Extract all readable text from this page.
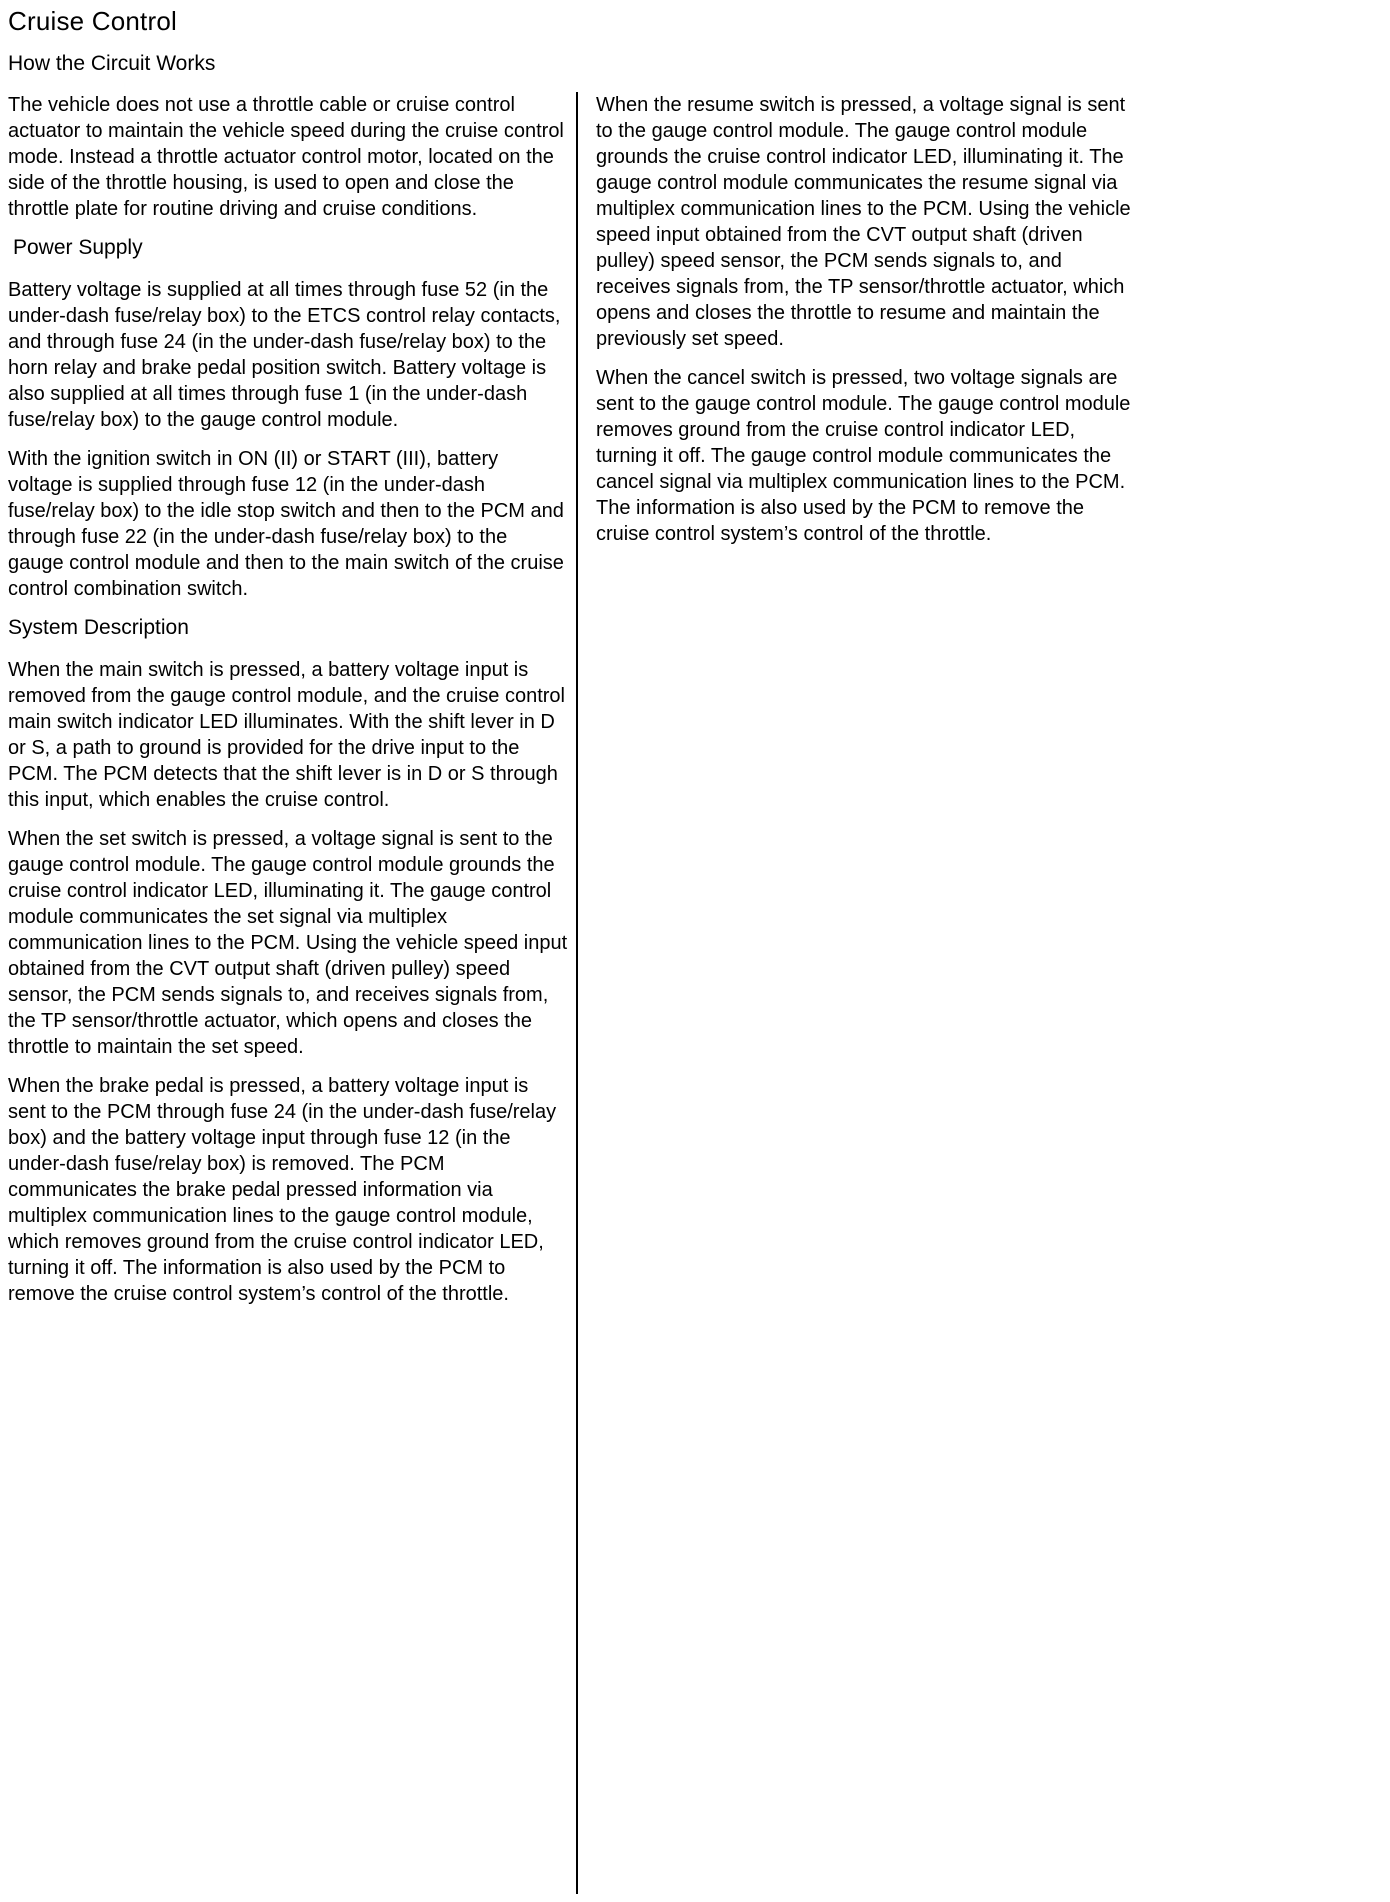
Cruise Control
How the Circuit Works

The vehicle does not use a throttle cable or cruise control actuator to maintain the vehicle speed during the cruise control mode. Instead a throttle actuator control motor, located on the side of the throttle housing, is used to open and close the throttle plate for routine driving and cruise conditions.

Power Supply

Battery voltage is supplied at all times through fuse 52 (in the under-dash fuse/relay box) to the ETCS control relay contacts, and through fuse 24 (in the under-dash fuse/relay box) to the horn relay and brake pedal position switch. Battery voltage is also supplied at all times through fuse 1 (in the under-dash fuse/relay box) to the gauge control module.

With the ignition switch in ON (II) or START (III), battery voltage is supplied through fuse 12 (in the under-dash fuse/relay box) to the idle stop switch and then to the PCM and through fuse 22 (in the under-dash fuse/relay box) to the gauge control module and then to the main switch of the cruise control combination switch.

System Description

When the main switch is pressed, a battery voltage input is removed from the gauge control module, and the cruise control main switch indicator LED illuminates. With the shift lever in D or S, a path to ground is provided for the drive input to the PCM. The PCM detects that the shift lever is in D or S through this input, which enables the cruise control.

When the set switch is pressed, a voltage signal is sent to the gauge control module. The gauge control module grounds the cruise control indicator LED, illuminating it. The gauge control module communicates the set signal via multiplex communication lines to the PCM. Using the vehicle speed input obtained from the CVT output shaft (driven pulley) speed sensor, the PCM sends signals to, and receives signals from, the TP sensor/throttle actuator, which opens and closes the throttle to maintain the set speed.

When the brake pedal is pressed, a battery voltage input is sent to the PCM through fuse 24 (in the under-dash fuse/relay box) and the battery voltage input through fuse 12 (in the under-dash fuse/relay box) is removed. The PCM communicates the brake pedal pressed information via multiplex communication lines to the gauge control module, which removes ground from the cruise control indicator LED, turning it off. The information is also used by the PCM to remove the cruise control system’s control of the throttle.

When the resume switch is pressed, a voltage signal is sent to the gauge control module. The gauge control module grounds the cruise control indicator LED, illuminating it. The gauge control module communicates the resume signal via multiplex communication lines to the PCM. Using the vehicle speed input obtained from the CVT output shaft (driven pulley) speed sensor, the PCM sends signals to, and receives signals from, the TP sensor/throttle actuator, which opens and closes the throttle to resume and maintain the previously set speed.

When the cancel switch is pressed, two voltage signals are sent to the gauge control module. The gauge control module removes ground from the cruise control indicator LED, turning it off. The gauge control module communicates the cancel signal via multiplex communication lines to the PCM. The information is also used by the PCM to remove the cruise control system’s control of the throttle.
